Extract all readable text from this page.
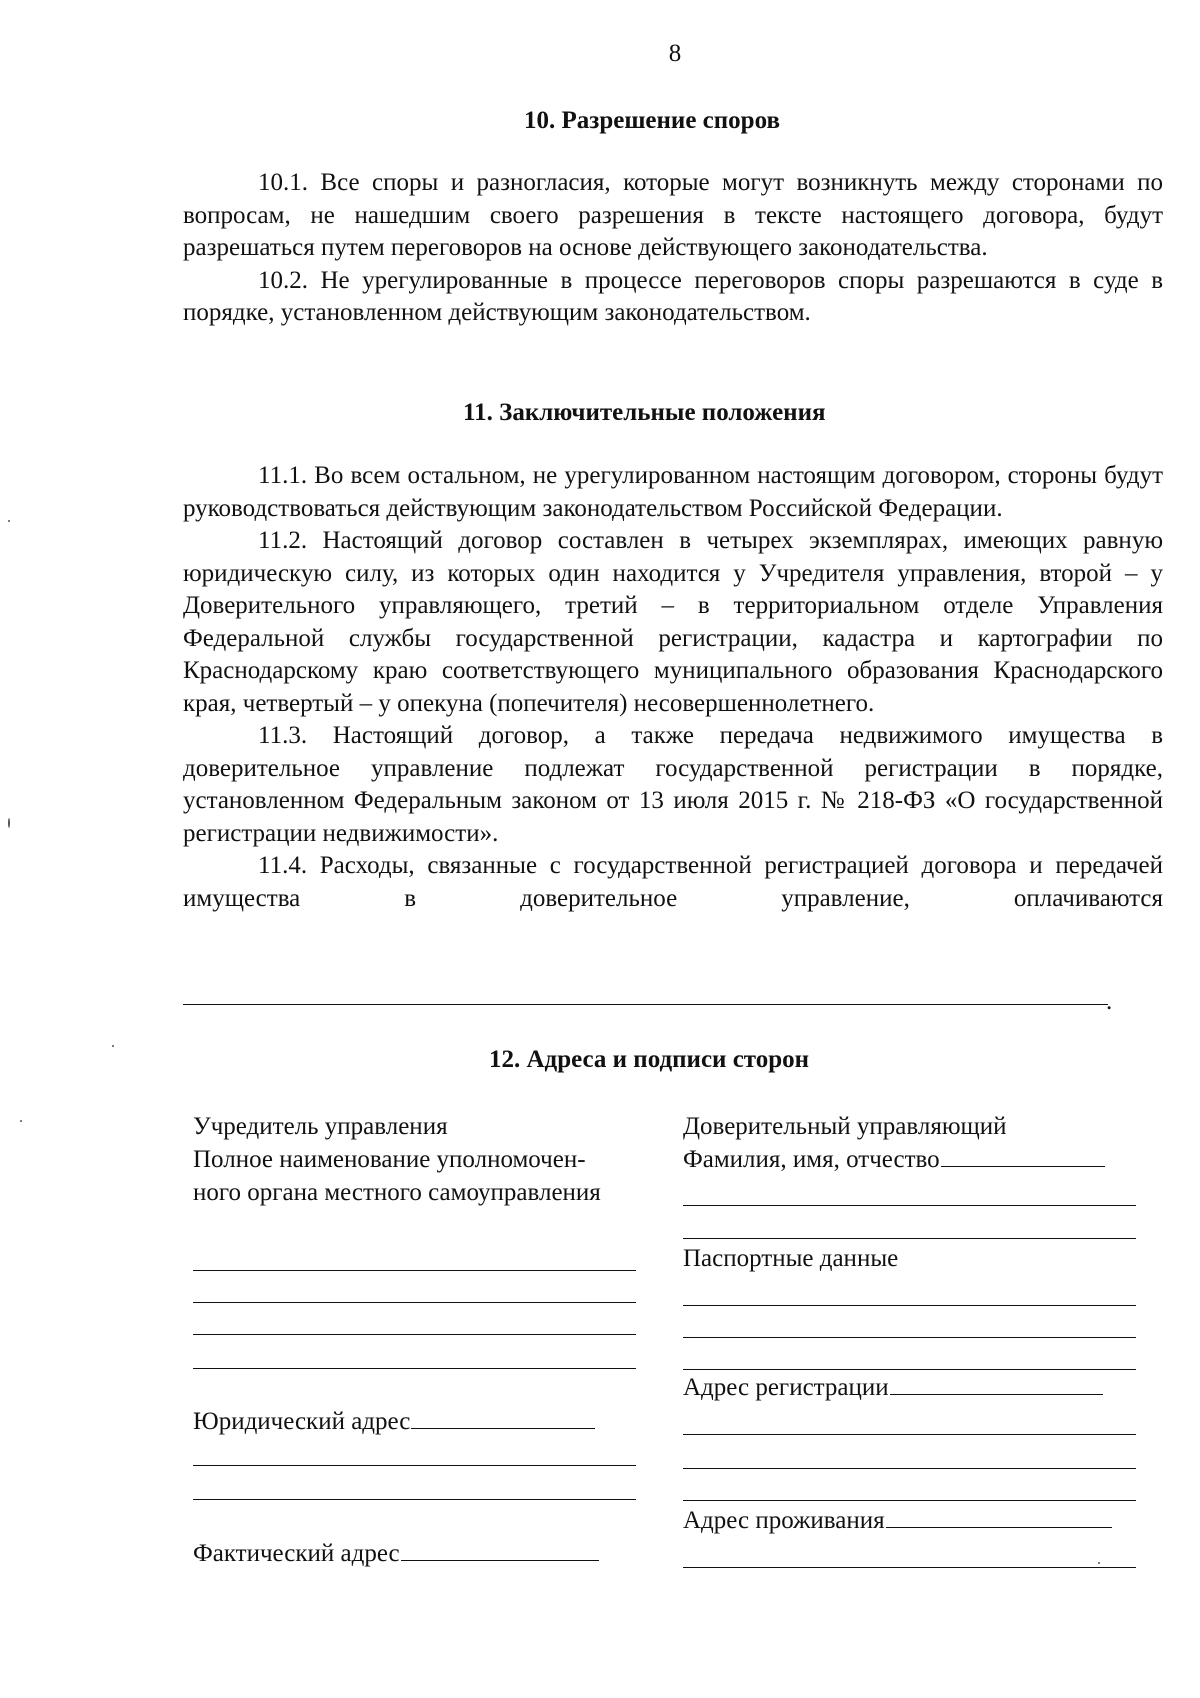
8
10. Разрешение споров

10.1. Все споры и разногласия, которые могут возникнуть между сторонами по вопросам, не нашедшим своего разрешения в тексте настоящего договора, будут разрешаться путем переговоров на основе действующего законодательства.

10.2. Не урегулированные в процессе переговоров споры разрешаются в суде в порядке, установленном действующим законодательством.

11. Заключительные положения

11.1. Во всем остальном, не урегулированном настоящим договором, стороны будут руководствоваться действующим законодательством Российской Федерации.

11.2. Настоящий договор составлен в четырех экземплярах, имеющих равную юридическую силу, из которых один находится у Учредителя управления, второй – у Доверительного управляющего, третий – в территориальном отделе Управления Федеральной службы государственной регистрации, кадастра и картографии по Краснодарскому краю соответствующего муниципального образования Краснодарского края, четвертый – у опекуна (попечителя) несовершеннолетнего.

11.3. Настоящий договор, а также передача недвижимого имущества в доверительное управление подлежат государственной регистрации в порядке, установленном Федеральным законом от 13 июля 2015 г. № 218-ФЗ «О государственной регистрации недвижимости».

11.4. Расходы, связанные с государственной регистрацией договора и передачей имущества в доверительное управление, оплачиваются

.
12. Адреса и подписи сторон
Учредитель управления
Полное наименование уполномочен-
ного органа местного самоуправления
Юридический адрес
Фактический адрес
Доверительный управляющий
Фамилия, имя, отчество
Паспортные данные
Адрес регистрации
Адрес проживания
